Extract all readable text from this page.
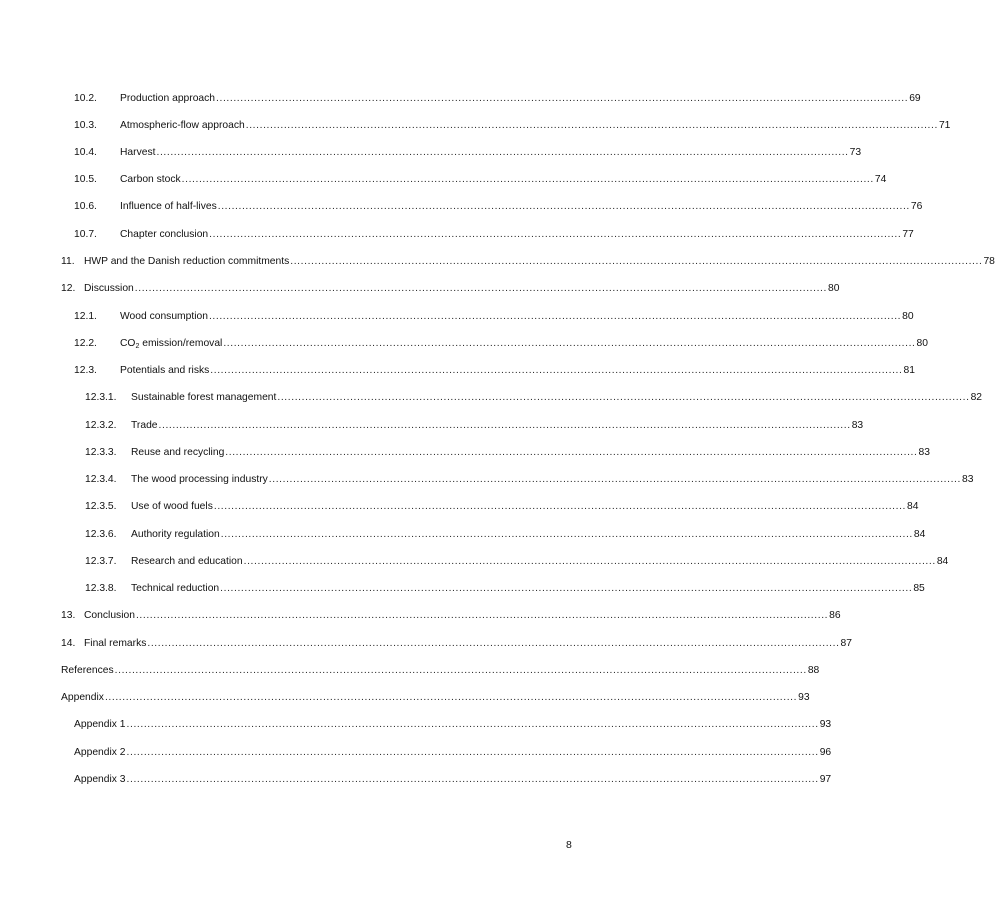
10.2.	Production approach ........................................................................................................................................................................................................ 69
10.3.	Atmospheric-flow approach ........................................................................................................................................................................................................ 71
10.4.	Harvest ........................................................................................................................................................................................................ 73
10.5.	Carbon stock ........................................................................................................................................................................................................ 74
10.6.	Influence of half-lives ........................................................................................................................................................................................................ 76
10.7.	Chapter conclusion ........................................................................................................................................................................................................ 77
11. HWP and the Danish reduction commitments ........................................................................................................................................................................................................ 78
12. Discussion ........................................................................................................................................................................................................ 80
12.1.	Wood consumption ........................................................................................................................................................................................................ 80
12.2.	$CO_2$ emission/removal ........................................................................................................................................................................................................ 80
12.3.	Potentials and risks ........................................................................................................................................................................................................ 81
12.3.1.	Sustainable forest management ........................................................................................................................................................................................................ 82
12.3.2.	Trade ........................................................................................................................................................................................................ 83
12.3.3.	Reuse and recycling ........................................................................................................................................................................................................ 83
12.3.4.	The wood processing industry ........................................................................................................................................................................................................ 83
12.3.5.	Use of wood fuels ........................................................................................................................................................................................................ 84
12.3.6.	Authority regulation ........................................................................................................................................................................................................ 84
12.3.7.	Research and education ........................................................................................................................................................................................................ 84
12.3.8.	Technical reduction ........................................................................................................................................................................................................ 85
13. Conclusion ........................................................................................................................................................................................................ 86
14. Final remarks ........................................................................................................................................................................................................ 87
References ........................................................................................................................................................................................................ 88
Appendix ........................................................................................................................................................................................................ 93
Appendix 1 ........................................................................................................................................................................................................ 93
Appendix 2 ........................................................................................................................................................................................................ 96
Appendix 3 ........................................................................................................................................................................................................ 97
8
